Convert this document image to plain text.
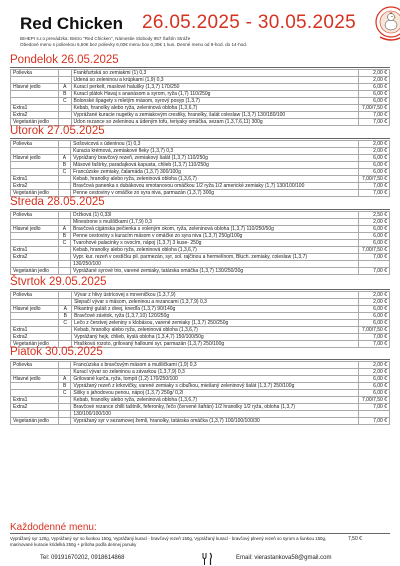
Red Chicken 26.05.2025 - 30.05.2025
BIHEPI s.r.o prevádzka: Bistro "Red Chicken", Námestie Slobody 957 Šaštín Stráže
Obedové menu s polievkou 6,50€ bez polievky 6,00€ menu box 0,30€ 1 kus. Denné menu od 9-hod. do 14-hod.
Pondelok 26.05.2025
Polievka		Frankfurtská so zemiakmi (1) 0,3	2,00 €
		Údená so zeleninou a krúpkami (1,9) 0,3	2,00 €
Hlavné jedlo	A	Kurací perkelt, maslové halušky (1,3,7) 170/250	6,00 €
	B	Kurací plátok Havaj s ananásom a syrom, ryža (1,7) 110/250g	6,00 €
	C	Bolonské špagety s mletým mäsom, syrový posyp (1,3,7)	6,00 €
Extra1		Kebab, hranolky alebo ryža, zeleninová obloha (1,3,6,7)	7,00/7,50 €
Extra2		Vyprážané kuracie nugetky a zemiakovým crestiky, hranolky, šalát coleslaw (1,3,7) 130/180/100	7,00 €
Vegetarián jedlo		Udon rezance so zeleninou a údeným tofu, teriyaky omáčka, sezam (1,3,7,6,11) 300g	7,00 €
Utorok 27.05.2025
Polievka		Šošovicová s údeninou (1) 0,3	2,00 €
		Kuracia krémová, zemiakové fleky (1,3,7) 0,3	2,00 €
Hlavné jedlo	A	Vyprážaný bravčový rezeň, zemiakový šalát (1,3,7) 110/250g	6,00 €
	B	Mäsové fašírky, paradajková kapusta, chlieb (1,3,7) 110/250g	6,00 €
	C	Francúzske zemiaky, čalamáda (1,3,7) 300/100g	6,00 €
Extra1		Kebab, hranolky alebo ryža, zeleninová obloha (1,3,6,7)	7,00/7,50 €
Extra2		Bravčová panenka s dubákovou smotanovou omáčkou 1/2 ryža 1/2 americké zemiaky (1,7) 130/100/100	7,00 €
Vegetarián jedlo		Penne cestoviny v omáčke zo syra niva, parmazán (1,3,7) 300g	7,00 €
Streda 28.05.2025
Polievka		Držková (1) 0,33l	2,50 €
		Minestrone s mušličkami (1,7,9) 0,3	2,00 €
Hlavné jedlo	A	Bravčová cigánska pečienka s voleným okom, ryža, zeleninová obloha (1,3,7) 110/250/50g	6,00 €
	B	Penne cestoviny s kuracím mäsom v omáčke zo syra niva (1,3,7) 250g/100g	6,00 €
	C	Tvarohové palacinky s ovocím, nápoj (1,3,7) 3 kuse- 250g	6,00 €
Extra1		Kebab, hranolky alebo ryža, zeleninová obloha (1,3,6,7)	7,00/7,50 €
Extra2		Vypr. kur. rezeň v cestíčku pil. parmezán, syr, sol. rajčinou a hermelínom, Bluch. zemiaky, coleslaw (1,3,7)	7,00 €
		130/250/100	
Vegetarián jedlo		Vyprážané syrové trio, varené zemiaky, tatárska omáčka (1,3,7) 130/250/30g	7,00 €
Štvrtok 29.05.2025
Polievka		Vývar z hlivy ústricovej s mrveničkou (1,3,7,9)	2,00 €
		Slepačí vývar s mäsom, zeleninou a rezancami (1,3,7,9) 0,3	2,00 €
Hlavné jedlo	A	Pikantný guláš z divej, knedľa (1,3,7) 90/140g	6,00 €
	B	Bravčové závitok, ryža (1,3,7,10) 120/250g	6,00 €
	C	Lečo z čerstvej zeleniny s klobásou, varené zemiaky (1,3,7) 250/250g	6,00 €
Extra1		Kebab, hranolky alebo ryža, zeleninová obloha (1,3,6,7)	7,00/7,50 €
Extra2		Vyprážaný hejk, chlieb, kyslá obloha (1,3,4,7) 150/100/50g	7,00 €
Vegetarián jedlo		Hrašková rozoto, grilovaný halloumi syr, parmazán (1,3,7) 250/100g	7,00 €
Piatok 30.05.2025
Polievka		Francúzska s bravčovým mäsom a mušličkami (1,9) 0,3	2,00 €
		Kurací vývar so zeleninou a závarkou (1,3,7,9) 0,3	2,00 €
Hlavné jedlo	A	Grilované kurča, ryža, tompit (1,2) 170/250/100	6,00 €
	B	Vyprážaný rezeň z krkovičky, varené zemiaky s cibuľkou, miešaný zeleninový šalát (1,3,7) 250/100g	6,00 €
	C	Šišky s jahodovou penou, nápoj (1,3,7) 250g/ 0,2l	6,00 €
Extra1		Kebab, hranolky alebo ryža, zeleninová obloha (1,3,6,7)	7,00/7,50 €
Extra2		Bravčové rezance chilli taštník, feferonky, ľečo (červené šafrán) 1/2 hranolky 1/2 ryža, obloha (1,3,7)	7,00 €
		130/100/100/100	
Vegetarián jedlo		Vyprážaný syr v sezamovej žemli, hranolky, tatárska omáčka (1,3,7) 100/100/100/30	7,00 €
Každodenné menu:
Vyprážaný syr 120g, Vyprážaný syr so šunkou 150g, Vyprážaný kurací - bravčový rezeň 150g, Vyprážaný kurací - bravčový plnený rezeň so syrom a šunkou 150g, marinované kuracie krídelká 250g + príloha podľa dennej ponuky
7,50 €
Tel: 09191670202, 0918614868	Email: vierastankova58@gmail.com
